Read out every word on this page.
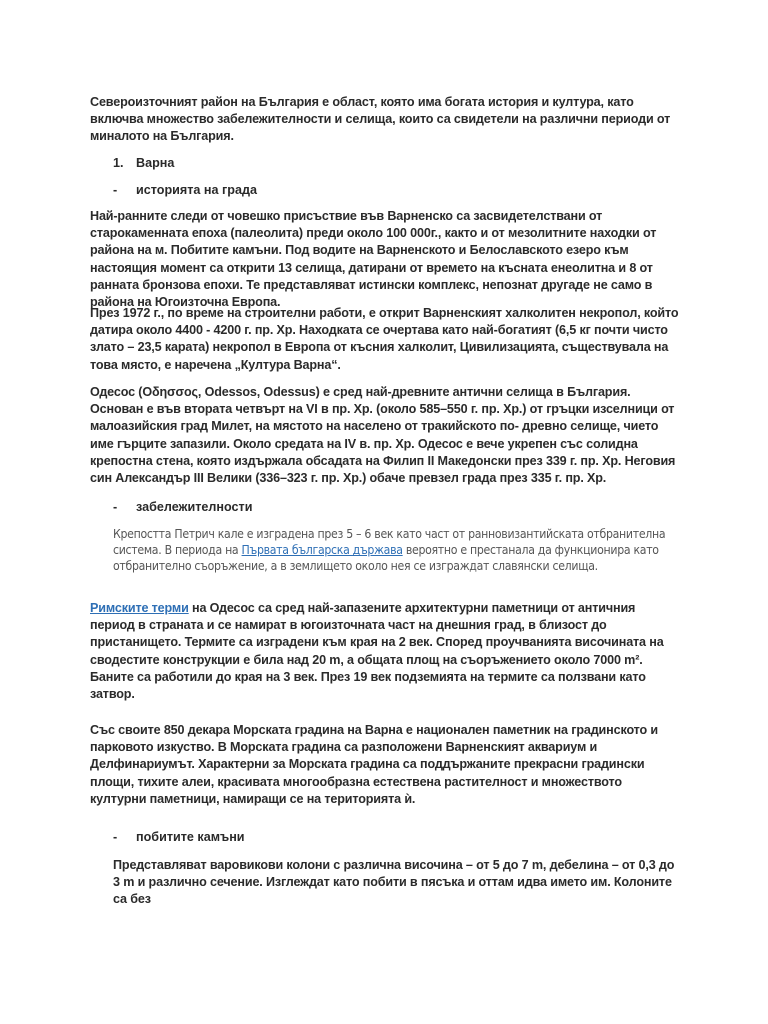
Североизточният район на България е област, която има богата история и култура, като включва множество забележителности и селища, които са свидетели на различни периоди от миналото на България.

1. Варна
- историята на града

Най-ранните следи от човешко присъствие във Варненско са засвидетелствани от старокаменната епоха (палеолита) преди около 100 000г., както и от мезолитните находки от района на м. Побитите камъни. Под водите на Варненското и Белославското езеро към настоящия момент са открити 13 селища, датирани от времето на късната енеолитна и 8 от ранната бронзова епохи. Те представляват истински комплекс, непознат другаде не само в района на Югоизточна Европа.

През 1972 г., по време на строителни работи, е открит Варненският халколитен некропол, който датира около 4400 - 4200 г. пр. Хр. Находката се очертава като най-богатият (6,5 кг почти чисто злато – 23,5 карата) некропол в Европа от късния халколит, Цивилизацията, съществувала на това място, е наречена „Култура Варна“.

Одесос (Οδησσος, Odessos, Odessus) е сред най-древните антични селища в България. Основан е във втората четвърт на VI в пр. Хр. (около 585–550 г. пр. Хр.) от гръцки изселници от малоазийския град Милет, на мястото на населено от тракийското по- древно селище, чието име гърците запазили. Около средата на IV в. пр. Хр. Одесос е вече укрепен със солидна крепостна стена, която издържала обсадата на Филип II Македонски през 339 г. пр. Хр. Неговия син Александър III Велики (336–323 г. пр. Хр.) обаче превзел града през 335 г. пр. Хр.

- забележителности

Крепостта Петрич кале е изградена през 5 – 6 век като част от ранновизантийската отбранителна система. В периода на Първата българска държава вероятно е престанала да функционира като отбранително съоръжение, а в землището около нея се изграждат славянски селища.

Римските терми на Одесос са сред най-запазените архитектурни паметници от античния период в страната и се намират в югоизточната част на днешния град, в близост до пристанището. Термите са изградени към края на 2 век. Според проучванията височината на сводестите конструкции е била над 20 m, а общата площ на съоръжението около 7000 m². Баните са работили до края на 3 век. През 19 век подземията на термите са ползвани като затвор.

Със своите 850 декара Морската градина на Варна е национален паметник на градинското и парковото изкуство. В Морската градина са разположени Варненският аквариум и Делфинариумът. Характерни за Морската градина са поддържаните прекрасни градински площи, тихите алеи, красивата многообразна естествена растителност и множеството културни паметници, намиращи се на територията ѝ.

- побитите камъни

Представляват варовикови колони с различна височина – от 5 до 7 m, дебелина – от 0,3 до 3 m и различно сечение. Изглеждат като побити в пясъка и оттам идва името им. Колоните са без
